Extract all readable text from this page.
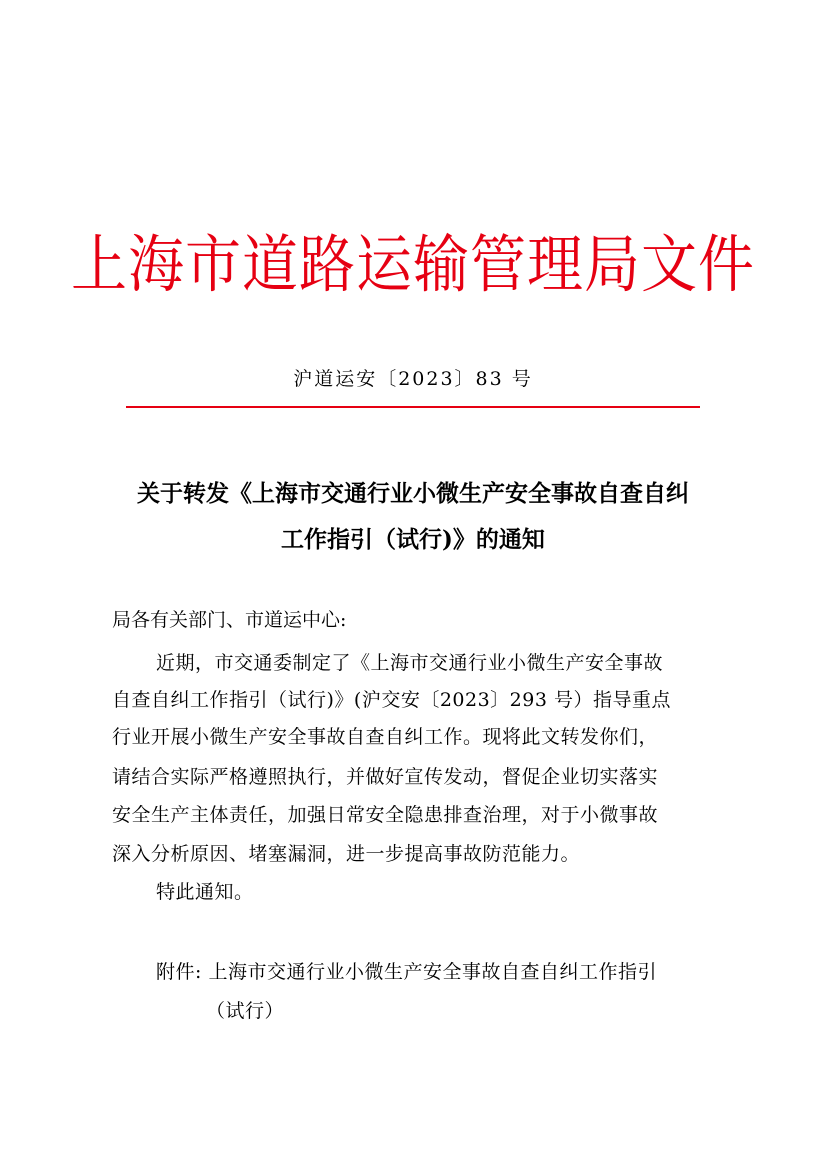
上海市道路运输管理局文件
沪道运安〔2023〕83 号
关于转发《上海市交通行业小微生产安全事故自查自纠
工作指引（试行)》的通知
局各有关部门、市道运中心:
近期，市交通委制定了《上海市交通行业小微生产安全事故
自查自纠工作指引（试行)》(沪交安〔2023〕293 号）指导重点
行业开展小微生产安全事故自查自纠工作。现将此文转发你们，
请结合实际严格遵照执行，并做好宣传发动，督促企业切实落实
安全生产主体责任，加强日常安全隐患排查治理，对于小微事故
深入分析原因、堵塞漏洞，进一步提高事故防范能力。
特此通知。
附件: 上海市交通行业小微生产安全事故自查自纠工作指引
（试行）
